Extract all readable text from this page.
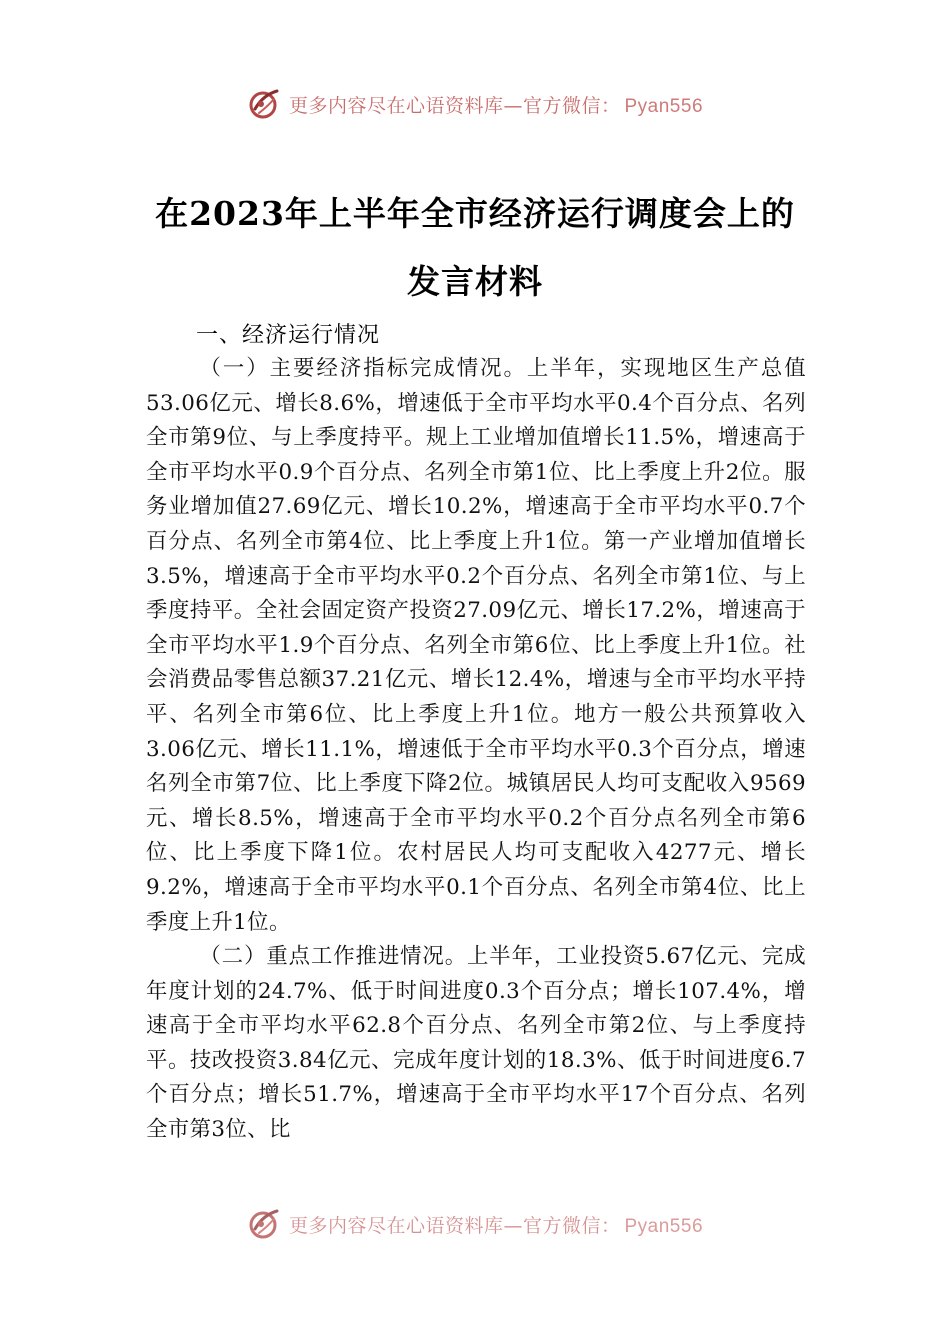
更多内容尽在心语资料库—官方微信： Pyan556
在2023年上半年全市经济运行调度会上的
发言材料
一、经济运行情况

（一）主要经济指标完成情况。上半年，实现地区生产总值53.06亿元、增长8.6%，增速低于全市平均水平0.4个百分点、名列全市第9位、与上季度持平。规上工业增加值增长11.5%，增速高于全市平均水平0.9个百分点、名列全市第1位、比上季度上升2位。服务业增加值27.69亿元、增长10.2%，增速高于全市平均水平0.7个百分点、名列全市第4位、比上季度上升1位。第一产业增加值增长3.5%，增速高于全市平均水平0.2个百分点、名列全市第1位、与上季度持平。全社会固定资产投资27.09亿元、增长17.2%，增速高于全市平均水平1.9个百分点、名列全市第6位、比上季度上升1位。社会消费品零售总额37.21亿元、增长12.4%，增速与全市平均水平持平、名列全市第6位、比上季度上升1位。地方一般公共预算收入3.06亿元、增长11.1%，增速低于全市平均水平0.3个百分点，增速名列全市第7位、比上季度下降2位。城镇居民人均可支配收入9569元、增长8.5%，增速高于全市平均水平0.2个百分点名列全市第6位、比上季度下降1位。农村居民人均可支配收入4277元、增长9.2%，增速高于全市平均水平0.1个百分点、名列全市第4位、比上季度上升1位。

（二）重点工作推进情况。上半年，工业投资5.67亿元、完成年度计划的24.7%、低于时间进度0.3个百分点；增长107.4%，增速高于全市平均水平62.8个百分点、名列全市第2位、与上季度持平。技改投资3.84亿元、完成年度计划的18.3%、低于时间进度6.7个百分点；增长51.7%，增速高于全市平均水平17个百分点、名列全市第3位、比

更多内容尽在心语资料库—官方微信： Pyan556
